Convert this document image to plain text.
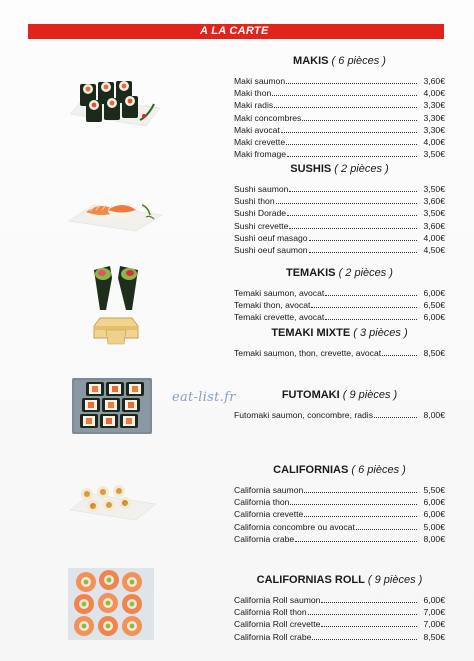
A LA CARTE
eat-list.fr
MAKIS ( 6 pièces )
Maki saumon	3,60€
Maki thon	4,00€
Maki radis	3,30€
Maki concombres	3,30€
Maki avocat	3,30€
Maki crevette	4,00€
Maki fromage	3,50€
SUSHIS ( 2 pièces )
Sushi saumon	3,50€
Sushi thon	3,60€
Sushi Dorade	3,50€
Sushi crevette	3,60€
Sushi oeuf masago	4,00€
Sushi oeuf saumon	4,50€
TEMAKIS ( 2 pièces )
Temaki saumon, avocat	6,00€
Temaki thon, avocat	6,50€
Temaki crevette, avocat	6,00€
TEMAKI MIXTE ( 3 pièces )
Temaki saumon, thon, crevette, avocat	8,50€
FUTOMAKI ( 9 pièces )
Futomaki saumon, concombre, radis	8,00€
CALIFORNIAS ( 6 pièces )
California saumon	5,50€
California thon	6,00€
California crevette	6,00€
California concombre ou avocat	5,00€
California crabe	8,00€
CALIFORNIAS ROLL ( 9 pièces )
California Roll saumon	6,00€
California Roll thon	7,00€
California Roll crevette	7,00€
California Roll crabe	8,50€
